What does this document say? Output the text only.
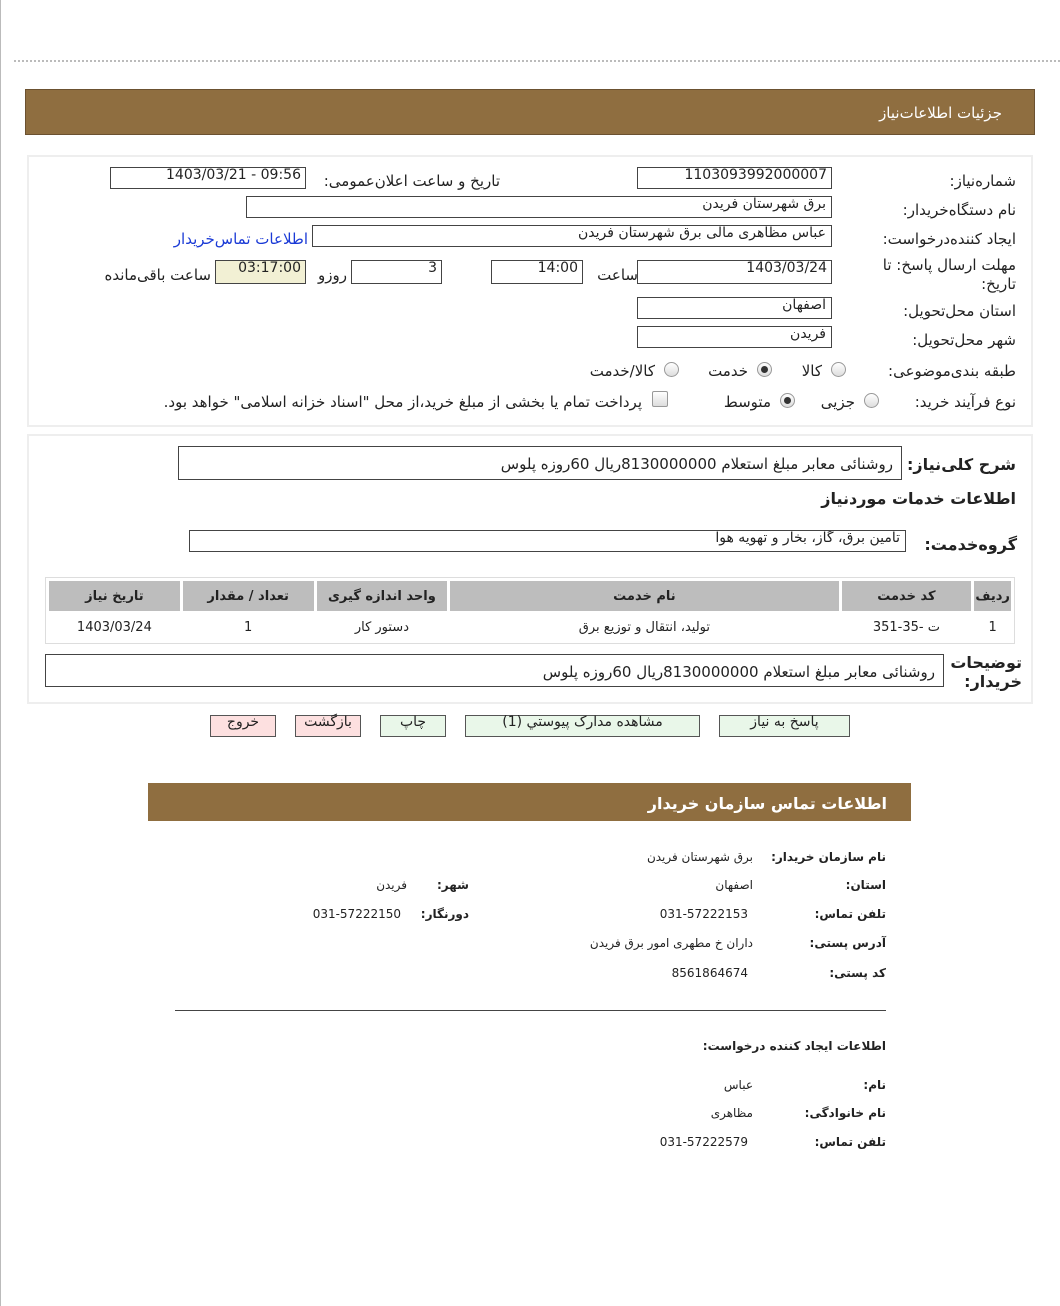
جزئیات اطلاعات‌نیاز
شماره‌نیاز:
1103093992000007
تاریخ و ساعت اعلان‌عمومی:
1403/03/21 - 09:56
نام دستگاه‌خریدار:
برق شهرستان فریدن
ایجاد کننده‌درخواست:
عباس مظاهری مالی برق شهرستان فریدن
اطلاعات تماس‌خریدار
مهلت ارسال پاسخ: تا تاریخ:
1403/03/24
ساعت
14:00
3
روزو
03:17:00
ساعت باقی‌مانده
استان محل‌تحویل:
اصفهان
شهر محل‌تحویل:
فریدن
طبقه بندی‌موضوعی:
کالا
خدمت
کالا/خدمت
نوع فرآیند خرید:
جزیی
متوسط
پرداخت تمام یا بخشی از مبلغ خرید،از محل "اسناد خزانه اسلامی" خواهد بود.
شرح کلی‌نیاز:
روشنائی معابر مبلغ استعلام 8130000000ریال 60روزه پلوس
اطلاعات خدمات موردنیاز
گروه‌خدمت:
تامین برق، گاز، بخار و تهویه هوا
ردیف	کد خدمت	نام خدمت	واحد اندازه گیری	تعداد / مقدار	تاریخ نیاز
1	ت -35-351	تولید، انتقال و توزیع برق	دستور کار	1	1403/03/24
توضیحات خریدار:
روشنائی معابر مبلغ استعلام 8130000000ریال 60روزه پلوس
پاسخ به نیاز
مشاهده مدارک پیوستي (1)
چاپ
بازگشت
خروج
اطلاعات تماس سازمان خریدار
نام سازمان خریدار:
برق شهرستان فریدن
استان:
اصفهان
شهر:
فریدن
تلفن تماس:
031-57222153
دورنگار:
031-57222150
آدرس پستی:
داران خ مطهری امور برق فریدن
کد پستی:
8561864674
اطلاعات ایجاد کننده درخواست:
نام:
عباس
نام خانوادگی:
مظاهری
تلفن تماس:
031-57222579
